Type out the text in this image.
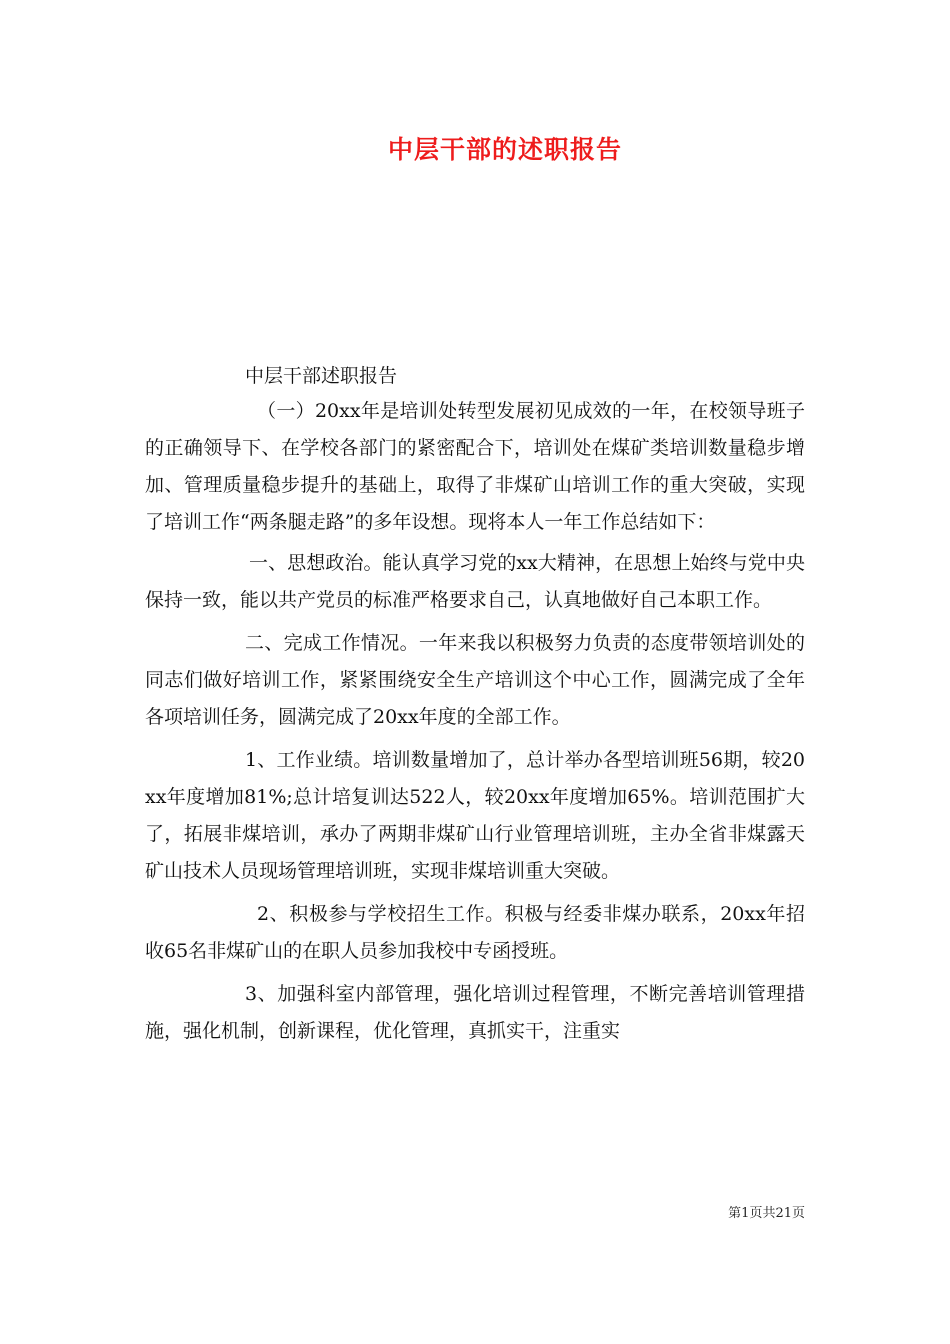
中层干部的述职报告

中层干部述职报告

（一）20xx年是培训处转型发展初见成效的一年，在校领导班子的正确领导下、在学校各部门的紧密配合下，培训处在煤矿类培训数量稳步增加、管理质量稳步提升的基础上，取得了非煤矿山培训工作的重大突破，实现了培训工作“两条腿走路”的多年设想。现将本人一年工作总结如下：

一、思想政治。能认真学习党的xx大精神，在思想上始终与党中央保持一致，能以共产党员的标准严格要求自己，认真地做好自己本职工作。

二、完成工作情况。一年来我以积极努力负责的态度带领培训处的同志们做好培训工作，紧紧围绕安全生产培训这个中心工作，圆满完成了全年各项培训任务，圆满完成了20xx年度的全部工作。

1、工作业绩。培训数量增加了，总计举办各型培训班56期，较20xx年度增加81%;总计培复训达522人，较20xx年度增加65%。培训范围扩大了，拓展非煤培训，承办了两期非煤矿山行业管理培训班，主办全省非煤露天矿山技术人员现场管理培训班，实现非煤培训重大突破。

2、积极参与学校招生工作。积极与经委非煤办联系，20xx年招收65名非煤矿山的在职人员参加我校中专函授班。

3、加强科室内部管理，强化培训过程管理，不断完善培训管理措施，强化机制，创新课程，优化管理，真抓实干，注重实

第1页共21页
